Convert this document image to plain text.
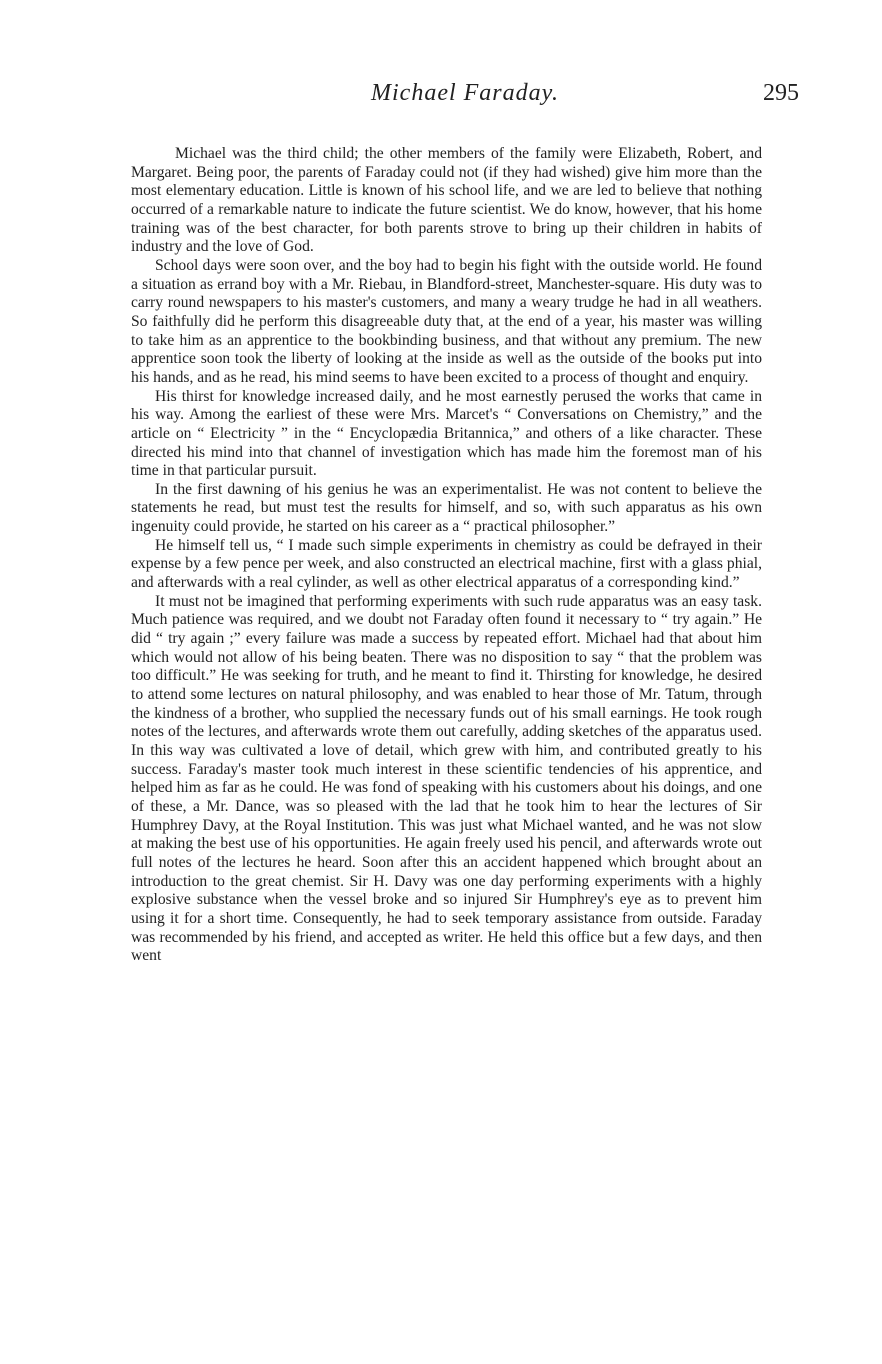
Michael Faraday.	295

Michael was the third child; the other members of the family were Elizabeth, Robert, and Margaret. Being poor, the parents of Faraday could not (if they had wished) give him more than the most elementary education. Little is known of his school life, and we are led to believe that nothing occurred of a remarkable nature to indicate the future scientist. We do know, however, that his home training was of the best character, for both parents strove to bring up their children in habits of industry and the love of God.

School days were soon over, and the boy had to begin his fight with the outside world. He found a situation as errand boy with a Mr. Riebau, in Blandford-street, Manchester-square. His duty was to carry round newspapers to his master's customers, and many a weary trudge he had in all weathers. So faithfully did he perform this disagreeable duty that, at the end of a year, his master was willing to take him as an apprentice to the bookbinding business, and that without any premium. The new apprentice soon took the liberty of looking at the inside as well as the outside of the books put into his hands, and as he read, his mind seems to have been excited to a process of thought and enquiry.

His thirst for knowledge increased daily, and he most earnestly perused the works that came in his way. Among the earliest of these were Mrs. Marcet's “ Conversations on Chemistry,” and the article on “ Electricity ” in the “ Encyclopædia Britannica,” and others of a like character. These directed his mind into that channel of investigation which has made him the foremost man of his time in that particular pursuit.

In the first dawning of his genius he was an experimentalist. He was not content to believe the statements he read, but must test the results for himself, and so, with such apparatus as his own ingenuity could provide, he started on his career as a “ practical philosopher.”

He himself tell us, “ I made such simple experiments in chemistry as could be defrayed in their expense by a few pence per week, and also constructed an electrical machine, first with a glass phial, and afterwards with a real cylinder, as well as other electrical apparatus of a corresponding kind.”

It must not be imagined that performing experiments with such rude apparatus was an easy task. Much patience was required, and we doubt not Faraday often found it necessary to “ try again.” He did “ try again ;” every failure was made a success by repeated effort. Michael had that about him which would not allow of his being beaten. There was no disposition to say “ that the problem was too difficult.” He was seeking for truth, and he meant to find it. Thirsting for knowledge, he desired to attend some lectures on natural philosophy, and was enabled to hear those of Mr. Tatum, through the kindness of a brother, who supplied the necessary funds out of his small earnings. He took rough notes of the lectures, and afterwards wrote them out carefully, adding sketches of the apparatus used. In this way was cultivated a love of detail, which grew with him, and contributed greatly to his success. Faraday's master took much interest in these scientific tendencies of his apprentice, and helped him as far as he could. He was fond of speaking with his customers about his doings, and one of these, a Mr. Dance, was so pleased with the lad that he took him to hear the lectures of Sir Humphrey Davy, at the Royal Institution. This was just what Michael wanted, and he was not slow at making the best use of his opportunities. He again freely used his pencil, and afterwards wrote out full notes of the lectures he heard. Soon after this an accident happened which brought about an introduction to the great chemist. Sir H. Davy was one day performing experiments with a highly explosive substance when the vessel broke and so injured Sir Humphrey's eye as to prevent him using it for a short time. Consequently, he had to seek temporary assistance from outside. Faraday was recommended by his friend, and accepted as writer. He held this office but a few days, and then went
